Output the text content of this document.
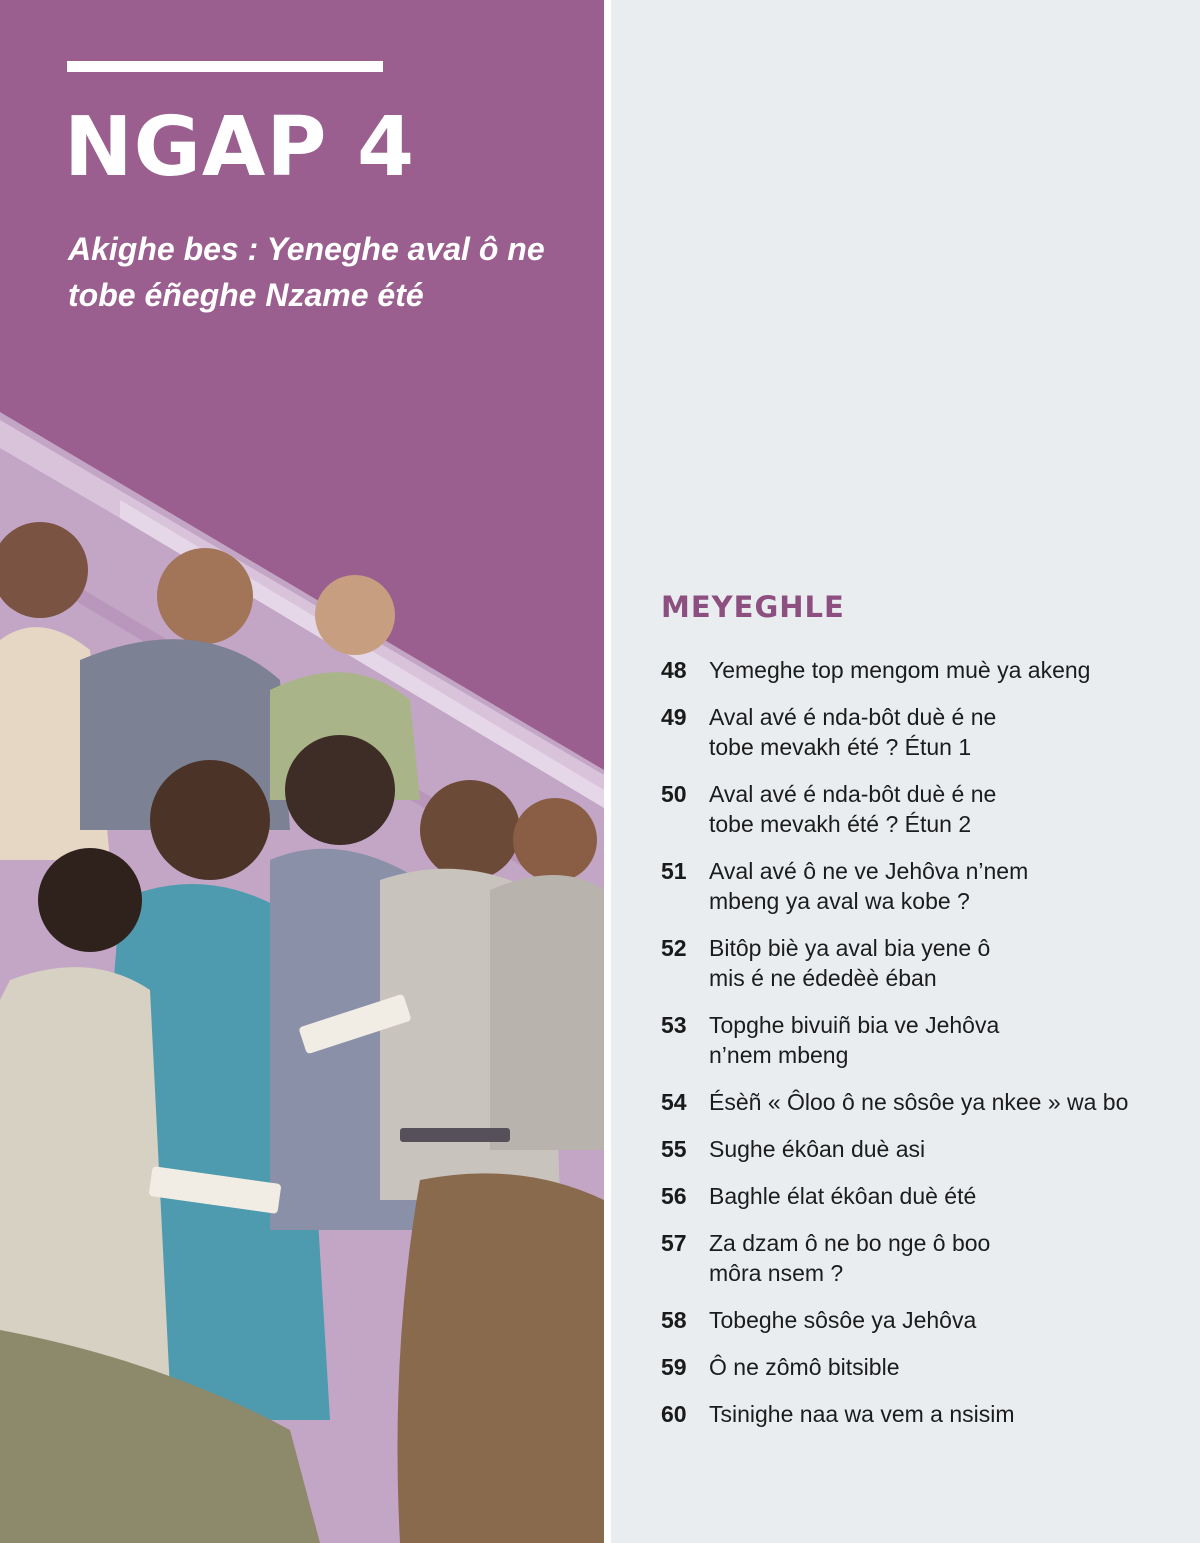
NGAP 4
Akighe bes : Yeneghe aval ô ne tobe éñeghe Nzame été
MEYEGHLE
48 Yemeghe top mengom muè ya akeng
49 Aval avé é nda-bôt duè é ne tobe mevakh été ? Étun 1
50 Aval avé é nda-bôt duè é ne tobe mevakh été ? Étun 2
51 Aval avé ô ne ve Jehôva n’nem mbeng ya aval wa kobe ?
52 Bitôp biè ya aval bia yene ô mis é ne édedèè éban
53 Topghe bivuiñ bia ve Jehôva n’nem mbeng
54 Ésèñ « Ôloo ô ne sôsôe ya nkee » wa bo
55 Sughe ékôan duè asi
56 Baghle élat ékôan duè été
57 Za dzam ô ne bo nge ô boo môra nsem ?
58 Tobeghe sôsôe ya Jehôva
59 Ô ne zômô bitsible
60 Tsinighe naa wa vem a nsisim
